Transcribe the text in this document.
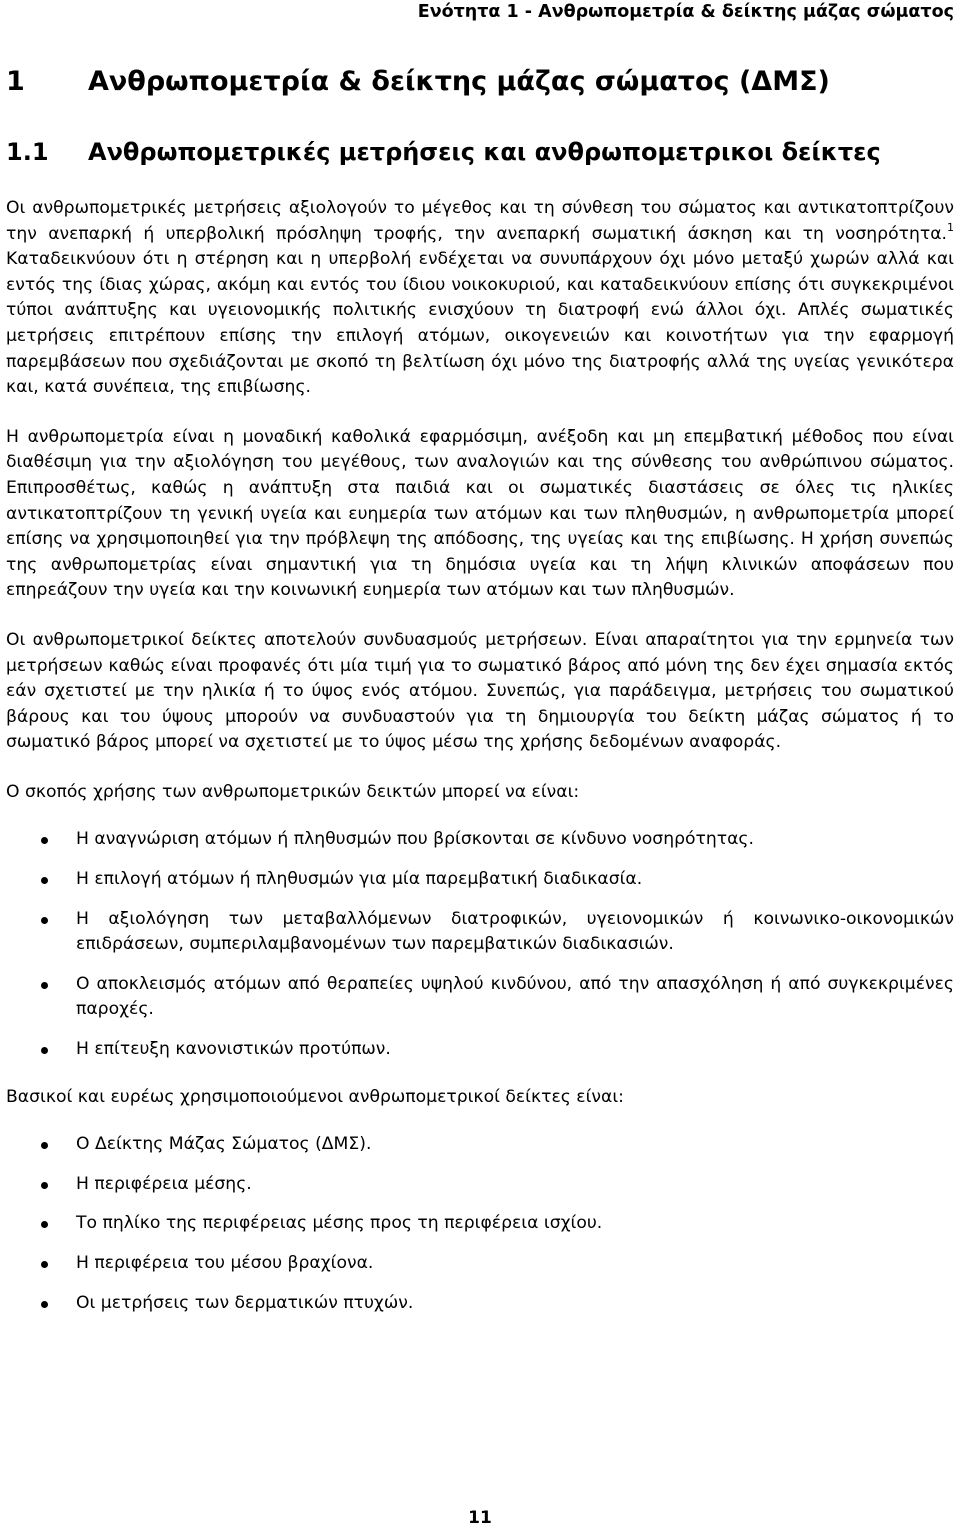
Ενότητα 1 - Ανθρωπομετρία & δείκτης μάζας σώματος
1 Ανθρωπομετρία & δείκτης μάζας σώματος (ΔΜΣ)
1.1 Ανθρωπομετρικές μετρήσεις και ανθρωπομετρικοι δείκτες

Οι ανθρωπομετρικές μετρήσεις αξιολογούν το μέγεθος και τη σύνθεση του σώματος και αντικατοπτρίζουν την ανεπαρκή ή υπερβολική πρόσληψη τροφής, την ανεπαρκή σωματική άσκηση και τη νοσηρότητα.$^1$ Καταδεικνύουν ότι η στέρηση και η υπερβολή ενδέχεται να συνυπάρχουν όχι μόνο μεταξύ χωρών αλλά και εντός της ίδιας χώρας, ακόμη και εντός του ίδιου νοικοκυριού, και καταδεικνύουν επίσης ότι συγκεκριμένοι τύποι ανάπτυξης και υγειονομικής πολιτικής ενισχύουν τη διατροφή ενώ άλλοι όχι. Απλές σωματικές μετρήσεις επιτρέπουν επίσης την επιλογή ατόμων, οικογενειών και κοινοτήτων για την εφαρμογή παρεμβάσεων που σχεδιάζονται με σκοπό τη βελτίωση όχι μόνο της διατροφής αλλά της υγείας γενικότερα και, κατά συνέπεια, της επιβίωσης.

Η ανθρωπομετρία είναι η μοναδική καθολικά εφαρμόσιμη, ανέξοδη και μη επεμβατική μέθοδος που είναι διαθέσιμη για την αξιολόγηση του μεγέθους, των αναλογιών και της σύνθεσης του ανθρώπινου σώματος. Επιπροσθέτως, καθώς η ανάπτυξη στα παιδιά και οι σωματικές διαστάσεις σε όλες τις ηλικίες αντικατοπτρίζουν τη γενική υγεία και ευημερία των ατόμων και των πληθυσμών, η ανθρωπομετρία μπορεί επίσης να χρησιμοποιηθεί για την πρόβλεψη της απόδοσης, της υγείας και της επιβίωσης. Η χρήση συνεπώς της ανθρωπομετρίας είναι σημαντική για τη δημόσια υγεία και τη λήψη κλινικών αποφάσεων που επηρεάζουν την υγεία και την κοινωνική ευημερία των ατόμων και των πληθυσμών.

Οι ανθρωπομετρικοί δείκτες αποτελούν συνδυασμούς μετρήσεων. Είναι απαραίτητοι για την ερμηνεία των μετρήσεων καθώς είναι προφανές ότι μία τιμή για το σωματικό βάρος από μόνη της δεν έχει σημασία εκτός εάν σχετιστεί με την ηλικία ή το ύψος ενός ατόμου. Συνεπώς, για παράδειγμα, μετρήσεις του σωματικού βάρους και του ύψους μπορούν να συνδυαστούν για τη δημιουργία του δείκτη μάζας σώματος ή το σωματικό βάρος μπορεί να σχετιστεί με το ύψος μέσω της χρήσης δεδομένων αναφοράς.

Ο σκοπός χρήσης των ανθρωπομετρικών δεικτών μπορεί να είναι:

Η αναγνώριση ατόμων ή πληθυσμών που βρίσκονται σε κίνδυνο νοσηρότητας.
Η επιλογή ατόμων ή πληθυσμών για μία παρεμβατική διαδικασία.
Η αξιολόγηση των μεταβαλλόμενων διατροφικών, υγειονομικών ή κοινωνικο-οικονομικών επιδράσεων, συμπεριλαμβανομένων των παρεμβατικών διαδικασιών.
Ο αποκλεισμός ατόμων από θεραπείες υψηλού κινδύνου, από την απασχόληση ή από συγκεκριμένες παροχές.
Η επίτευξη κανονιστικών προτύπων.

Βασικοί και ευρέως χρησιμοποιούμενοι ανθρωπομετρικοί δείκτες είναι:

Ο Δείκτης Μάζας Σώματος (ΔΜΣ).
Η περιφέρεια μέσης.
Το πηλίκο της περιφέρειας μέσης προς τη περιφέρεια ισχίου.
Η περιφέρεια του μέσου βραχίονα.
Οι μετρήσεις των δερματικών πτυχών.
11
